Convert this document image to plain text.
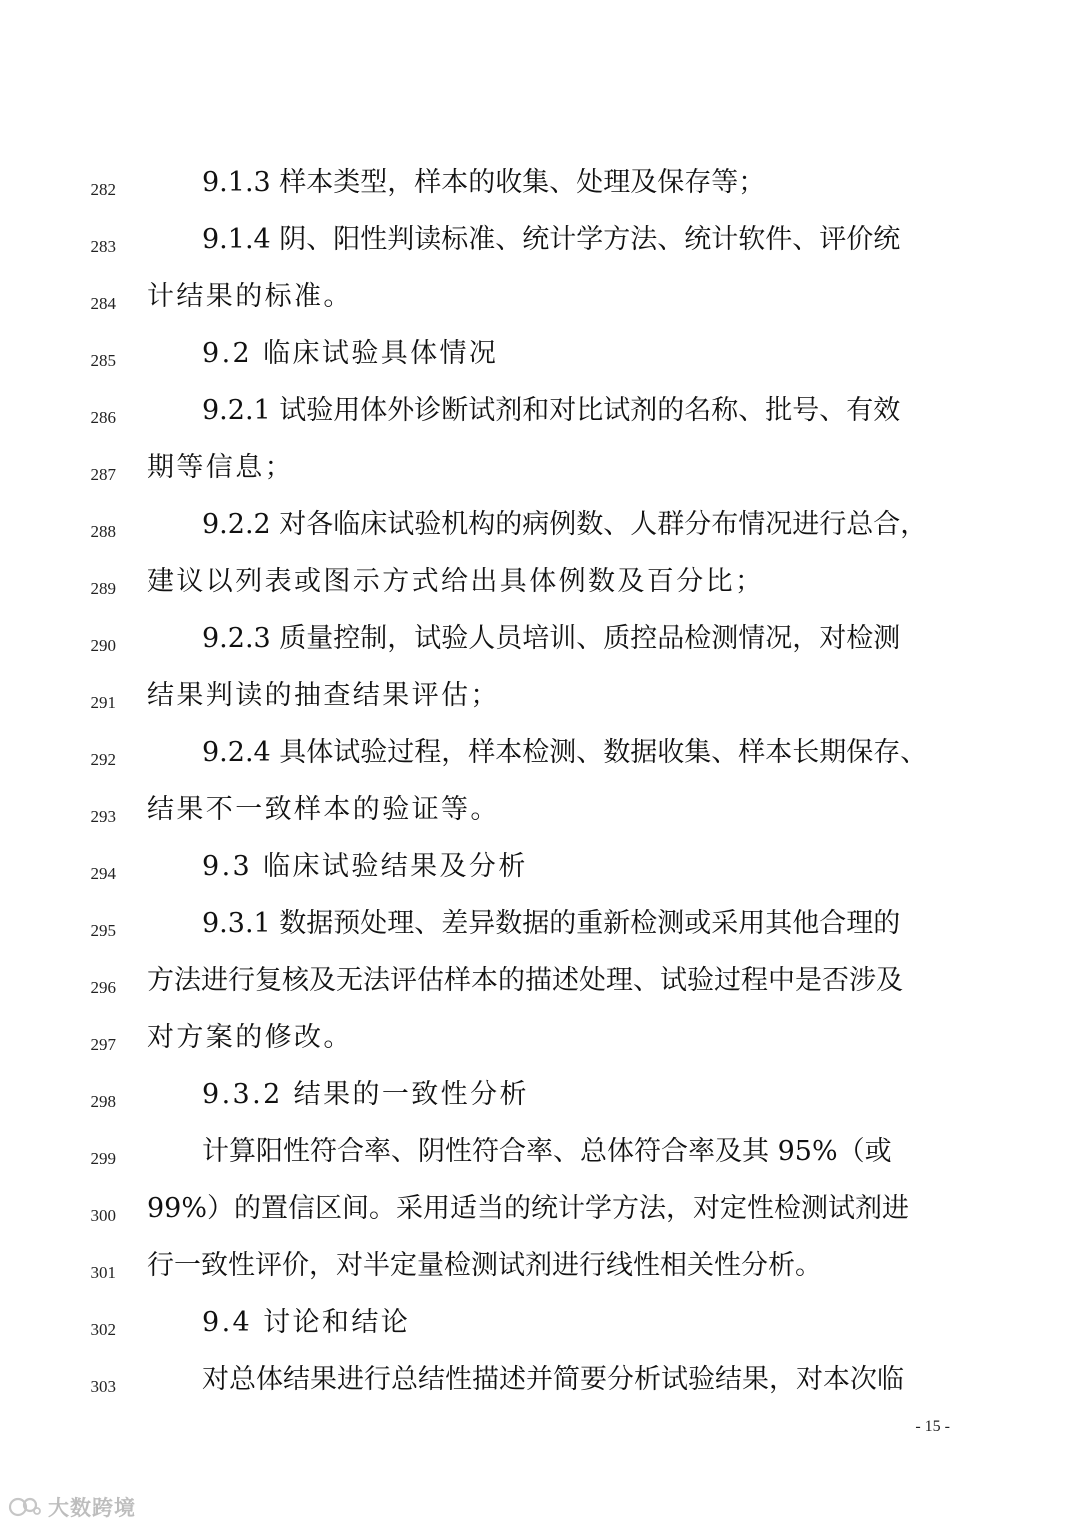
282	9.1.3 样本类型，样本的收集、处理及保存等；
283	9.1.4 阴、阳性判读标准、统计学方法、统计软件、评价统
284 计结果的标准。
285	9.2 临床试验具体情况
286	9.2.1 试验用体外诊断试剂和对比试剂的名称、批号、有效
287 期等信息；
288	9.2.2 对各临床试验机构的病例数、人群分布情况进行总合，
289 建议以列表或图示方式给出具体例数及百分比；
290	9.2.3 质量控制，试验人员培训、质控品检测情况，对检测
291 结果判读的抽查结果评估；
292	9.2.4 具体试验过程，样本检测、数据收集、样本长期保存、
293 结果不一致样本的验证等。
294	9.3 临床试验结果及分析
295	9.3.1 数据预处理、差异数据的重新检测或采用其他合理的
296 方法进行复核及无法评估样本的描述处理、试验过程中是否涉及
297 对方案的修改。
298	9.3.2 结果的一致性分析
299	计算阳性符合率、阴性符合率、总体符合率及其 95%（或
300 99%）的置信区间。采用适当的统计学方法，对定性检测试剂进
301 行一致性评价，对半定量检测试剂进行线性相关性分析。
302	9.4 讨论和结论
303	对总体结果进行总结性描述并简要分析试验结果，对本次临
- 15 -
大数跨境
